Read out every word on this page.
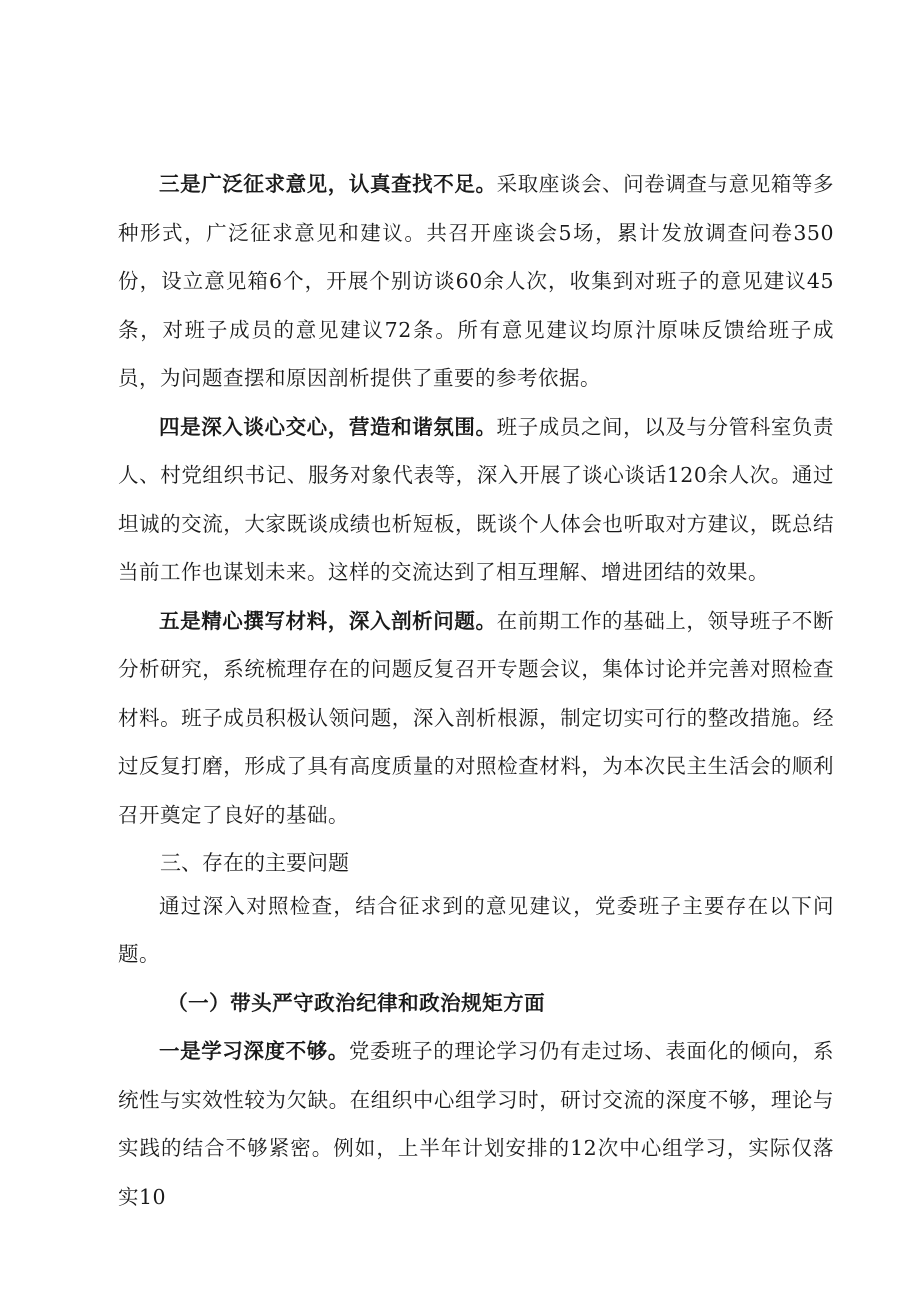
三是广泛征求意见，认真查找不足。采取座谈会、问卷调查与意见箱等多种形式，广泛征求意见和建议。共召开座谈会5场，累计发放调查问卷350份，设立意见箱6个，开展个别访谈60余人次，收集到对班子的意见建议45条，对班子成员的意见建议72条。所有意见建议均原汁原味反馈给班子成员，为问题查摆和原因剖析提供了重要的参考依据。

四是深入谈心交心，营造和谐氛围。班子成员之间，以及与分管科室负责人、村党组织书记、服务对象代表等，深入开展了谈心谈话120余人次。通过坦诚的交流，大家既谈成绩也析短板，既谈个人体会也听取对方建议，既总结当前工作也谋划未来。这样的交流达到了相互理解、增进团结的效果。

五是精心撰写材料，深入剖析问题。在前期工作的基础上，领导班子不断分析研究，系统梳理存在的问题反复召开专题会议，集体讨论并完善对照检查材料。班子成员积极认领问题，深入剖析根源，制定切实可行的整改措施。经过反复打磨，形成了具有高度质量的对照检查材料，为本次民主生活会的顺利召开奠定了良好的基础。

三、存在的主要问题

通过深入对照检查，结合征求到的意见建议，党委班子主要存在以下问题。

（一）带头严守政治纪律和政治规矩方面

一是学习深度不够。党委班子的理论学习仍有走过场、表面化的倾向，系统性与实效性较为欠缺。在组织中心组学习时，研讨交流的深度不够，理论与实践的结合不够紧密。例如，上半年计划安排的12次中心组学习，实际仅落实10
